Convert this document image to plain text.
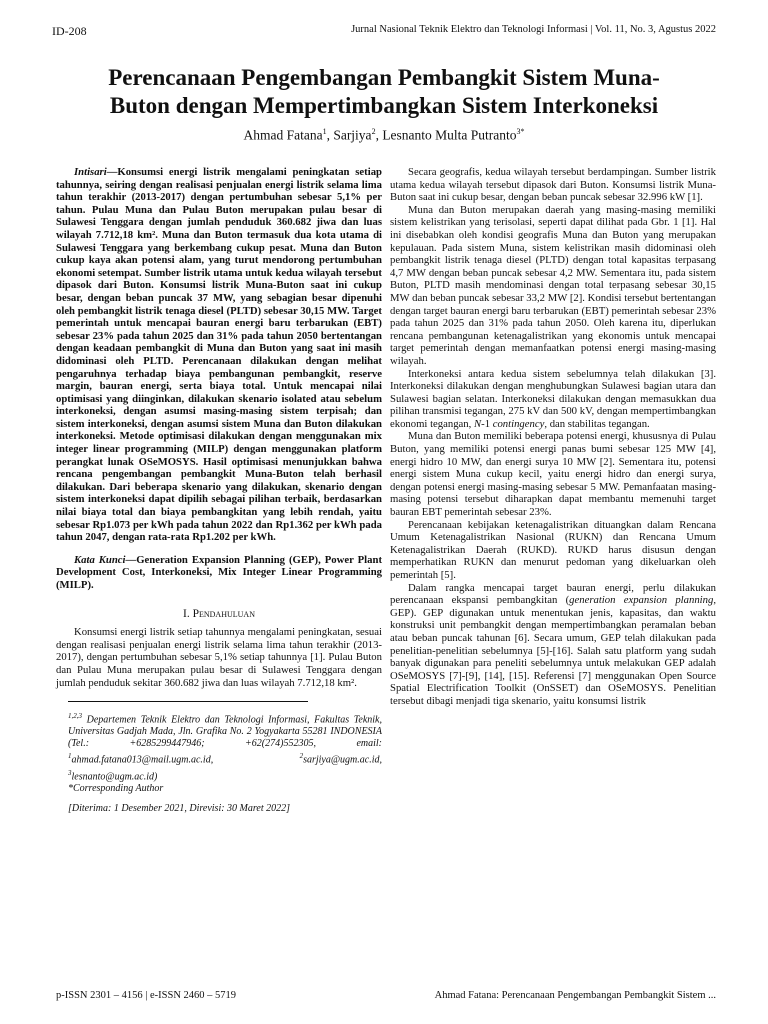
ID-208	Jurnal Nasional Teknik Elektro dan Teknologi Informasi | Vol. 11, No. 3, Agustus 2022
Perencanaan Pengembangan Pembangkit Sistem Muna-
Buton dengan Mempertimbangkan Sistem Interkoneksi
Ahmad Fatana$^1$, Sarjiya$^2$, Lesnanto Multa Putranto$^{3*}$

Intisari—Konsumsi energi listrik mengalami peningkatan setiap tahunnya, seiring dengan realisasi penjualan energi listrik selama lima tahun terakhir (2013-2017) dengan pertumbuhan sebesar 5,1% per tahun. Pulau Muna dan Pulau Buton merupakan pulau besar di Sulawesi Tenggara dengan jumlah penduduk 360.682 jiwa dan luas wilayah 7.712,18 km². Muna dan Buton termasuk dua kota utama di Sulawesi Tenggara yang berkembang cukup pesat. Muna dan Buton cukup kaya akan potensi alam, yang turut mendorong pertumbuhan ekonomi setempat. Sumber listrik utama untuk kedua wilayah tersebut dipasok dari Buton. Konsumsi listrik Muna-Buton saat ini cukup besar, dengan beban puncak 37 MW, yang sebagian besar dipenuhi oleh pembangkit listrik tenaga diesel (PLTD) sebesar 30,15 MW. Target pemerintah untuk mencapai bauran energi baru terbarukan (EBT) sebesar 23% pada tahun 2025 dan 31% pada tahun 2050 bertentangan dengan keadaan pembangkit di Muna dan Buton yang saat ini masih didominasi oleh PLTD. Perencanaan dilakukan dengan melihat pengaruhnya terhadap biaya pembangunan pembangkit, reserve margin, bauran energi, serta biaya total. Untuk mencapai nilai optimisasi yang diinginkan, dilakukan skenario isolated atau sebelum interkoneksi, dengan asumsi masing-masing sistem terpisah; dan sistem interkoneksi, dengan asumsi sistem Muna dan Buton dilakukan interkoneksi. Metode optimisasi dilakukan dengan menggunakan mix integer linear programming (MILP) dengan menggunakan platform perangkat lunak OSeMOSYS. Hasil optimisasi menunjukkan bahwa rencana pengembangan pembangkit Muna-Buton telah berhasil dilakukan. Dari beberapa skenario yang dilakukan, skenario dengan sistem interkoneksi dapat dipilih sebagai pilihan terbaik, berdasarkan nilai biaya total dan biaya pembangkitan yang lebih rendah, yaitu sebesar Rp1.073 per kWh pada tahun 2022 dan Rp1.362 per kWh pada tahun 2047, dengan rata-rata Rp1.202 per kWh.

Kata Kunci—Generation Expansion Planning (GEP), Power Plant Development Cost, Interkoneksi, Mix Integer Linear Programming (MILP).

I. Pendahuluan

Konsumsi energi listrik setiap tahunnya mengalami peningkatan, sesuai dengan realisasi penjualan energi listrik selama lima tahun terakhir (2013-2017), dengan pertumbuhan sebesar 5,1% setiap tahunnya [1]. Pulau Buton dan Pulau Muna merupakan pulau besar di Sulawesi Tenggara dengan jumlah penduduk sekitar 360.682 jiwa dan luas wilayah 7.712,18 km².

$^{1,2,3}$ Departemen Teknik Elektro dan Teknologi Informasi, Fakultas Teknik, Universitas Gadjah Mada, Jln. Grafika No. 2 Yogyakarta 55281 INDONESIA (Tel.: +6285299447946; +62(274)552305, email: $^1$ahmad.fatana013@mail.ugm.ac.id,	$^2$sarjiya@ugm.ac.id, $^3$lesnanto@ugm.ac.id)
*Corresponding Author
[Diterima: 1 Desember 2021, Direvisi: 30 Maret 2022]

Secara geografis, kedua wilayah tersebut berdampingan. Sumber listrik utama kedua wilayah tersebut dipasok dari Buton. Konsumsi listrik Muna-Buton saat ini cukup besar, dengan beban puncak sebesar 32.996 kW [1].

Muna dan Buton merupakan daerah yang masing-masing memiliki sistem kelistrikan yang terisolasi, seperti dapat dilihat pada Gbr. 1 [1]. Hal ini disebabkan oleh kondisi geografis Muna dan Buton yang merupakan kepulauan. Pada sistem Muna, sistem kelistrikan masih didominasi oleh pembangkit listrik tenaga diesel (PLTD) dengan total kapasitas terpasang 4,7 MW dengan beban puncak sebesar 4,2 MW. Sementara itu, pada sistem Buton, PLTD masih mendominasi dengan total terpasang sebesar 30,15 MW dan beban puncak sebesar 33,2 MW [2]. Kondisi tersebut bertentangan dengan target bauran energi baru terbarukan (EBT) pemerintah sebesar 23% pada tahun 2025 dan 31% pada tahun 2050. Oleh karena itu, diperlukan rencana pembangunan ketenagalistrikan yang ekonomis untuk mencapai target pemerintah dengan memanfaatkan potensi energi masing-masing wilayah.

Interkoneksi antara kedua sistem sebelumnya telah dilakukan [3]. Interkoneksi dilakukan dengan menghubungkan Sulawesi bagian utara dan Sulawesi bagian selatan. Interkoneksi dilakukan dengan memasukkan dua pilihan transmisi tegangan, 275 kV dan 500 kV, dengan mempertimbangkan ekonomi tegangan, N-1 contingency, dan stabilitas tegangan.

Muna dan Buton memiliki beberapa potensi energi, khususnya di Pulau Buton, yang memiliki potensi energi panas bumi sebesar 125 MW [4], energi hidro 10 MW, dan energi surya 10 MW [2]. Sementara itu, potensi energi sistem Muna cukup kecil, yaitu energi hidro dan energi surya, dengan potensi energi masing-masing sebesar 5 MW. Pemanfaatan masing-masing potensi tersebut diharapkan dapat membantu memenuhi target bauran EBT pemerintah sebesar 23%.

Perencanaan kebijakan ketenagalistrikan dituangkan dalam Rencana Umum Ketenagalistrikan Nasional (RUKN) dan Rencana Umum Ketenagalistrikan Daerah (RUKD). RUKD harus disusun dengan memperhatikan RUKN dan menurut pedoman yang dikeluarkan oleh pemerintah [5].

Dalam rangka mencapai target bauran energi, perlu dilakukan perencanaan ekspansi pembangkitan (generation expansion planning, GEP). GEP digunakan untuk menentukan jenis, kapasitas, dan waktu konstruksi unit pembangkit dengan mempertimbangkan peramalan beban atau beban puncak tahunan [6]. Secara umum, GEP telah dilakukan pada penelitian-penelitian sebelumnya [5]-[16]. Salah satu platform yang sudah banyak digunakan para peneliti sebelumnya untuk melakukan GEP adalah OSeMOSYS [7]-[9], [14], [15]. Referensi [7] menggunakan Open Source Spatial Electrification Toolkit (OnSSET) dan OSeMOSYS. Penelitian tersebut dibagi menjadi tiga skenario, yaitu konsumsi listrik

p-ISSN 2301 – 4156 | e-ISSN 2460 – 5719	Ahmad Fatana: Perencanaan Pengembangan Pembangkit Sistem ...
